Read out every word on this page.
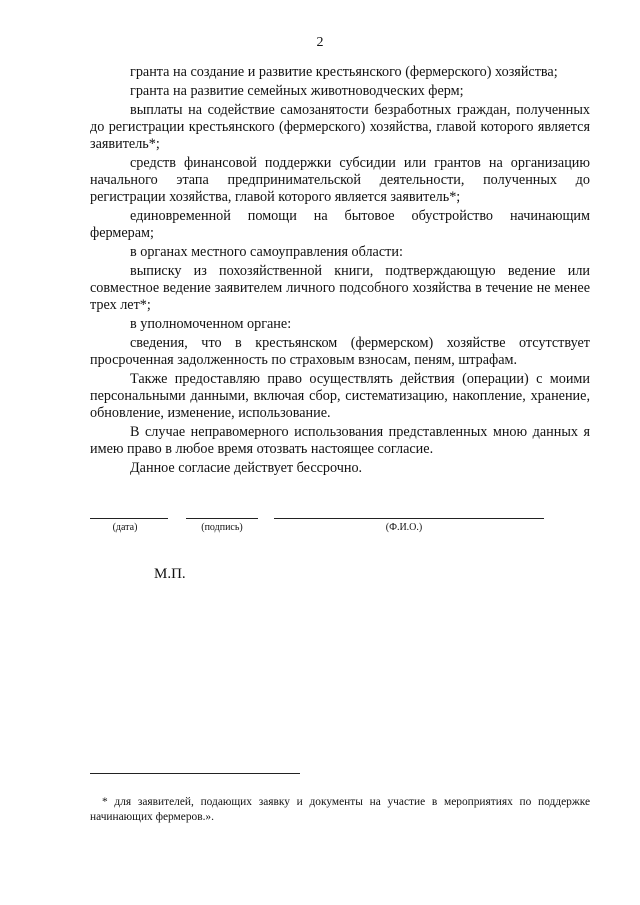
2

гранта на создание и развитие крестьянского (фермерского) хозяйства;

гранта на развитие семейных животноводческих ферм;

выплаты на содействие самозанятости безработных граждан, полученных до регистрации крестьянского (фермерского) хозяйства, главой которого является заявитель*;

средств финансовой поддержки субсидии или грантов на организацию начального этапа предпринимательской деятельности, полученных до регистрации хозяйства, главой которого является заявитель*;

единовременной помощи на бытовое обустройство начинающим фермерам;

в органах местного самоуправления области:

выписку из похозяйственной книги, подтверждающую ведение или совместное ведение заявителем личного подсобного хозяйства в течение не менее трех лет*;

в уполномоченном органе:

сведения, что в крестьянском (фермерском) хозяйстве отсутствует просроченная задолженность по страховым взносам, пеням, штрафам.

Также предоставляю право осуществлять действия (операции) с моими персональными данными, включая сбор, систематизацию, накопление, хранение, обновление, изменение, использование.

В случае неправомерного использования представленных мною данных я имею право в любое время отозвать настоящее согласие.

Данное согласие действует бессрочно.

(дата)	(подпись)	(Ф.И.О.)
М.П.

* для заявителей, подающих заявку и документы на участие в мероприятиях по поддержке начинающих фермеров.».
